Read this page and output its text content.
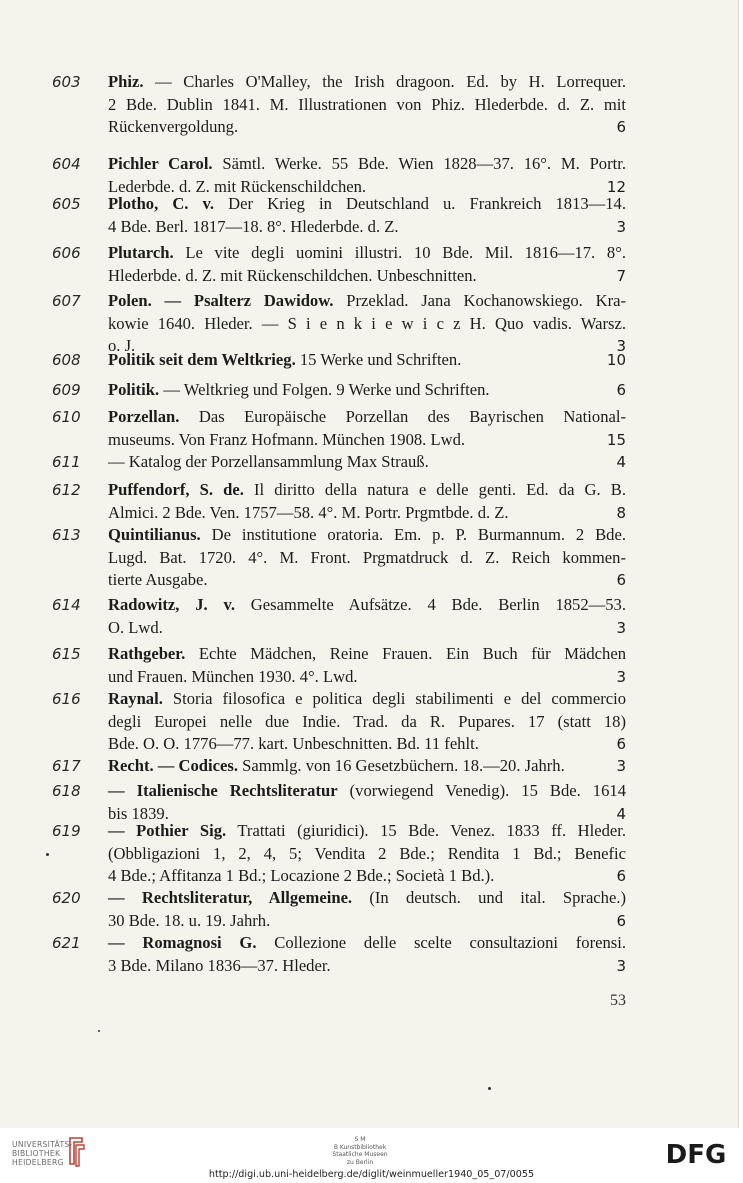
603	Phiz. — Charles O'Malley, the Irish dragoon. Ed. by H. Lorrequer.
2 Bde. Dublin 1841. M. Illustrationen von Phiz. Hlederbde. d. Z. mit
Rückenvergoldung.	6
604	Pichler Carol. Sämtl. Werke. 55 Bde. Wien 1828—37. 16°. M. Portr.
Lederbde. d. Z. mit Rückenschildchen.	12
605	Plotho, C. v. Der Krieg in Deutschland u. Frankreich 1813—14.
4 Bde. Berl. 1817—18. 8°. Hlederbde. d. Z.	3
606	Plutarch. Le vite degli uomini illustri. 10 Bde. Mil. 1816—17. 8°.
Hlederbde. d. Z. mit Rückenschildchen. Unbeschnitten.	7
607	Polen. — Psalterz Dawidow. Przeklad. Jana Kochanowskiego. Kra-
kowie 1640. Hleder. — S i e n k i e w i c z H. Quo vadis. Warsz.
o. J.	3
608	Politik seit dem Weltkrieg. 15 Werke und Schriften.	10
609	Politik. — Weltkrieg und Folgen. 9 Werke und Schriften.	6
610	Porzellan. Das Europäische Porzellan des Bayrischen National-
museums. Von Franz Hofmann. München 1908. Lwd.	15
611	— Katalog der Porzellansammlung Max Strauß.	4
612	Puffendorf, S. de. Il diritto della natura e delle genti. Ed. da G. B.
Almici. 2 Bde. Ven. 1757—58. 4°. M. Portr. Prgmtbde. d. Z.	8
613	Quintilianus. De institutione oratoria. Em. p. P. Burmannum. 2 Bde.
Lugd. Bat. 1720. 4°. M. Front. Prgmatdruck d. Z. Reich kommen-
tierte Ausgabe.	6
614	Radowitz, J. v. Gesammelte Aufsätze. 4 Bde. Berlin 1852—53.
O. Lwd.	3
615	Rathgeber. Echte Mädchen, Reine Frauen. Ein Buch für Mädchen
und Frauen. München 1930. 4°. Lwd.	3
616	Raynal. Storia filosofica e politica degli stabilimenti e del commercio
degli Europei nelle due Indie. Trad. da R. Pupares. 17 (statt 18)
Bde. O. O. 1776—77. kart. Unbeschnitten. Bd. 11 fehlt.	6
617	Recht. — Codices. Sammlg. von 16 Gesetzbüchern. 18.—20. Jahrh.	3
618	— Italienische Rechtsliteratur (vorwiegend Venedig). 15 Bde. 1614
bis 1839.	4
619	— Pothier Sig. Trattati (giuridici). 15 Bde. Venez. 1833 ff. Hleder.
(Obbligazioni 1, 2, 4, 5; Vendita 2 Bde.; Rendita 1 Bd.; Benefic
4 Bde.; Affitanza 1 Bd.; Locazione 2 Bde.; Società 1 Bd.).	6
620	— Rechtsliteratur, Allgemeine. (In deutsch. und ital. Sprache.)
30 Bde. 18. u. 19. Jahrh.	6
621	— Romagnosi G. Collezione delle scelte consultazioni forensi.
3 Bde. Milano 1836—37. Hleder.	3
53
UNIVERSITÄTS-
BIBLIOTHEK
HEIDELBERG
S M
B Kunstbibliothek
Staatliche Museen
zu Berlin	DFG
http://digi.ub.uni-heidelberg.de/diglit/weinmueller1940_05_07/0055
